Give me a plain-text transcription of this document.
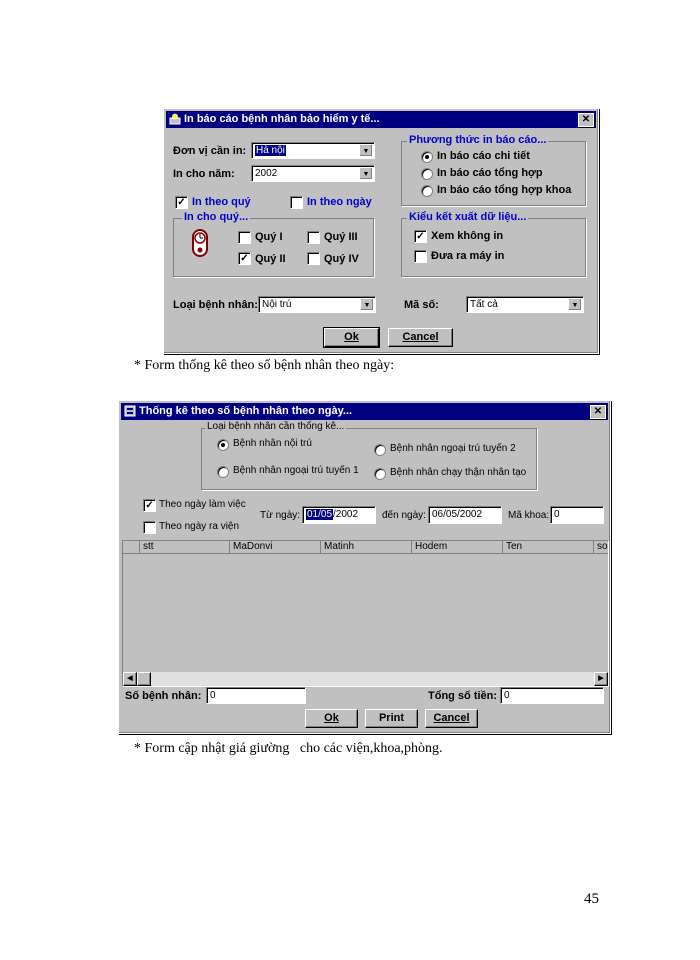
In báo cáo bệnh nhân bảo hiểm y tế...	✕
Đơn vị cần in: Hà nội	▼
In cho năm:	2002	▼
✓ In theo quý	In theo ngày
In cho quý...
Quý I	Quý III
✓ Quý II	Quý IV
Phương thức in báo cáo...
In báo cáo chi tiết
In báo cáo tổng hợp
In báo cáo tổng hợp khoa
Kiểu kết xuất dữ liệu...
✓ Xem không in
Đưa ra máy in
Loại bệnh nhân: Nội trú	▼	Mã số:	Tất cả	▼
Ok	Cancel
* Form thống kê theo số bệnh nhân theo ngày:
Thống kê theo số bệnh nhân theo ngày...	✕
Loại bệnh nhân cần thống kê...
Bệnh nhân nội trú	Bệnh nhân ngoại trú tuyến 2
Bệnh nhân ngoại trú tuyến 1	Bệnh nhân chạy thận nhân tạo
✓ Theo ngày làm việc
Theo ngày ra viện
Từ ngày: 01/05/2002	đến ngày: 06/05/2002	Mã khoa: 0
stt	MaDonvi	Matinh	Hodem	Ten	so
◀	▶
Số bệnh nhân: 0	Tổng số tiền: 0
Ok	Print	Cancel
* Form cập nhật giá giường   cho các viện,khoa,phòng.
45
